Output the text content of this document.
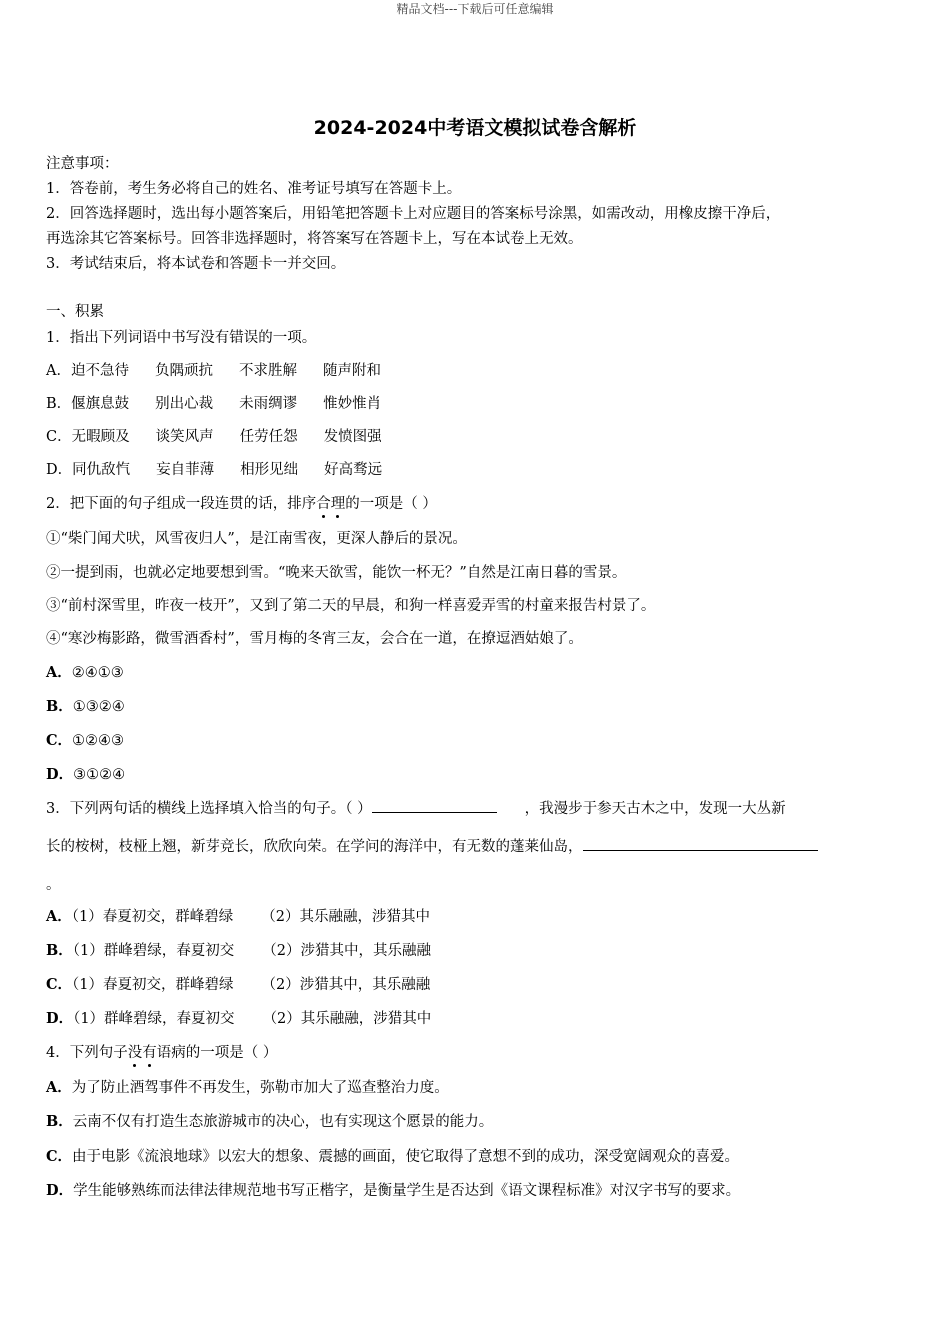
精品文档---下载后可任意编辑
2024-2024中考语文模拟试卷含解析
注意事项：
1．答卷前，考生务必将自己的姓名、准考证号填写在答题卡上。
2．回答选择题时，选出每小题答案后，用铅笔把答题卡上对应题目的答案标号涂黑，如需改动，用橡皮擦干净后，
再选涂其它答案标号。回答非选择题时，将答案写在答题卡上，写在本试卷上无效。
3．考试结束后，将本试卷和答题卡一并交回。
一、积累
1．指出下列词语中书写没有错误的一项。
A．迫不急待 负隅顽抗 不求胜解 随声附和
B．偃旗息鼓 别出心裁 未雨绸谬 惟妙惟肖
C．无暇顾及 谈笑风声 任劳任怨 发愤图强
D．同仇敌忾 妄自菲薄 相形见绌 好高骛远
2．把下面的句子组成一段连贯的话，排序合理的一项是（ ）
①“柴门闻犬吠，风雪夜归人”，是江南雪夜，更深人静后的景况。
②一提到雨，也就必定地要想到雪。“晚来天欲雪，能饮一杯无？”自然是江南日暮的雪景。
③“前村深雪里，昨夜一枝开”，又到了第二天的早晨，和狗一样喜爱弄雪的村童来报告村景了。
④“寒沙梅影路，微雪酒香村”，雪月梅的冬宵三友，会合在一道，在撩逗酒姑娘了。
A．②④①③
B．①③②④
C．①②④③
D．③①②④
3．下列两句话的横线上选择填入恰当的句子。（ ）	，我漫步于参天古木之中，发现一大丛新
长的桉树，枝桠上翘，新芽竞长，欣欣向荣。在学问的海洋中，有无数的蓬莱仙岛，
。
A．（1）春夏初交，群峰碧绿 （2）其乐融融，涉猎其中
B．（1）群峰碧绿，春夏初交 （2）涉猎其中，其乐融融
C．（1）春夏初交，群峰碧绿 （2）涉猎其中，其乐融融
D．（1）群峰碧绿，春夏初交 （2）其乐融融，涉猎其中
4．下列句子没有语病的一项是（ ）
A．为了防止酒驾事件不再发生，弥勒市加大了巡查整治力度。
B．云南不仅有打造生态旅游城市的决心，也有实现这个愿景的能力。
C．由于电影《流浪地球》以宏大的想象、震撼的画面，使它取得了意想不到的成功，深受宽阔观众的喜爱。
D．学生能够熟练而法律法律规范地书写正楷字，是衡量学生是否达到《语文课程标准》对汉字书写的要求。
